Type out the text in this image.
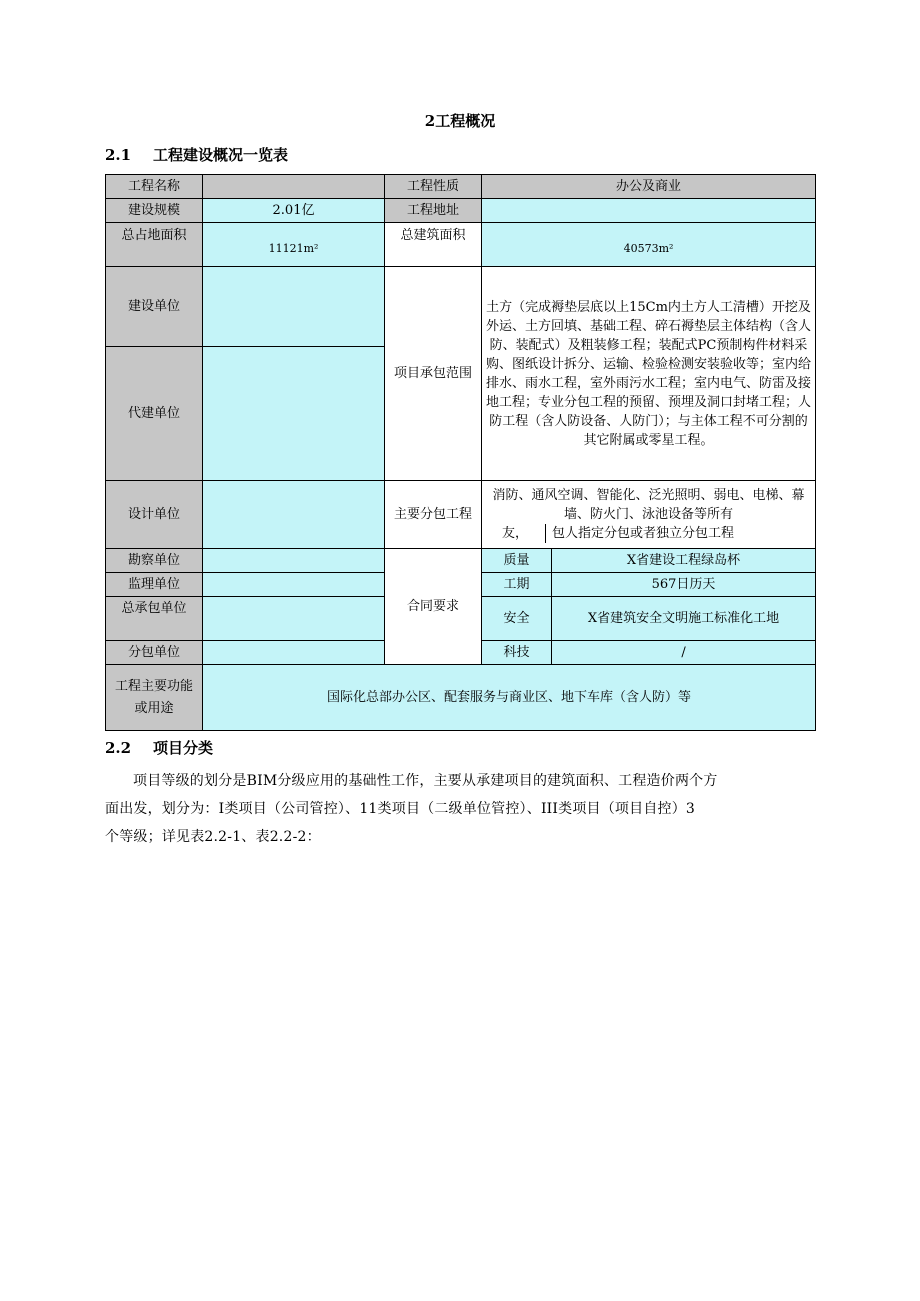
2工程概况
2.1 工程建设概况一览表
工程名称		工程性质	办公及商业	
建设规模	2.01亿	工程地址		
总占地面积	11121m²	总建筑面积	40573m²	
建设单位		项目承包范围	土方（完成褥垫层底以上15Cm内土方人工清槽）开挖及外运、土方回填、基础工程、碎石褥垫层主体结构（含人防、装配式）及粗装修工程；装配式PC预制构件材料采购、图纸设计拆分、运输、检验检测安装验收等；室内给排水、雨水工程，室外雨污水工程；室内电气、防雷及接地工程；专业分包工程的预留、预埋及洞口封堵工程；人防工程（含人防设备、人防门）；与主体工程不可分割的其它附属或零星工程。	
代建单位				
设计单位		主要分包工程	消防、通风空调、智能化、泛光照明、弱电、电梯、幕墙、防火门、泳池设备等所有
友， 包人指定分包或者独立分包工程	

勘察单位		合同要求	质量	X省建设工程绿岛杯
监理单位			工期	567日历天
总承包单位			安全	X省建筑安全文明施工标准化工地
分包单位			科技	/
工程主要功能或用途	国际化总部办公区、配套服务与商业区、地下车库（含人防）等			
2.2 项目分类
项目等级的划分是BIM分级应用的基础性工作，主要从承建项目的建筑面积、工程造价两个方
面出发，划分为：I类项目（公司管控）、11类项目（二级单位管控）、III类项目（项目自控）3
个等级；详见表2.2-1、表2.2-2：
